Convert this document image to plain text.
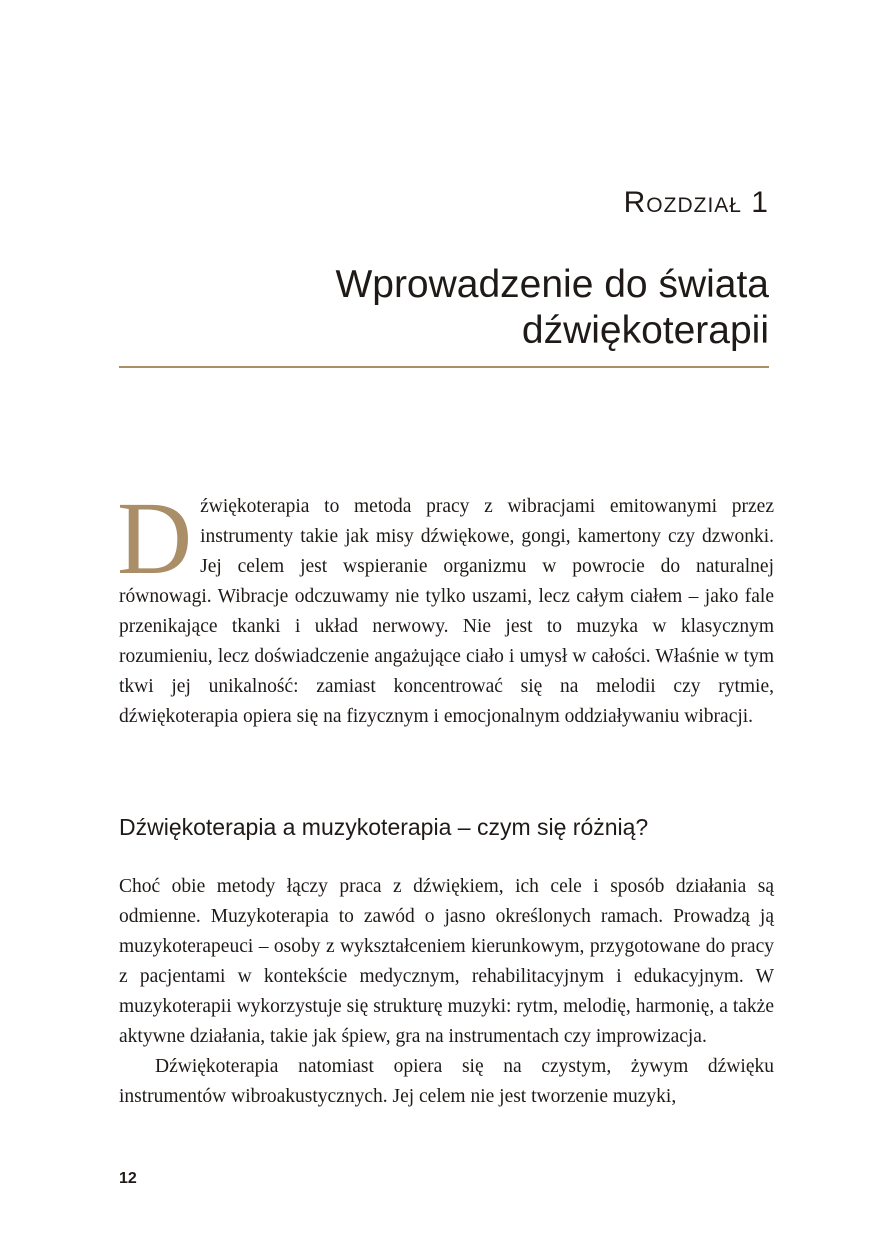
Rozdział 1
Wprowadzenie do świata dźwiękoterapii
D źwiękoterapia to metoda pracy z wibracjami emitowanymi przez instrumenty takie jak misy dźwiękowe, gongi, kamertony czy dzwonki. Jej celem jest wspieranie organizmu w powrocie do naturalnej równowagi. Wibracje odczuwamy nie tylko uszami, lecz całym ciałem – jako fale przenikające tkanki i układ nerwowy. Nie jest to muzyka w klasycznym rozumieniu, lecz doświadczenie angażujące ciało i umysł w całości. Właśnie w tym tkwi jej unikalność: zamiast koncentrować się na melodii czy rytmie, dźwiękoterapia opiera się na fizycznym i emocjonalnym oddziaływaniu wibracji.
Dźwiękoterapia a muzykoterapia – czym się różnią?

Choć obie metody łączy praca z dźwiękiem, ich cele i sposób działania są odmienne. Muzykoterapia to zawód o jasno określonych ramach. Prowadzą ją muzykoterapeuci – osoby z wykształceniem kierunkowym, przygotowane do pracy z pacjentami w kontekście medycznym, rehabilitacyjnym i edukacyjnym. W muzykoterapii wykorzystuje się strukturę muzyki: rytm, melodię, harmonię, a także aktywne działania, takie jak śpiew, gra na instrumentach czy improwizacja.

Dźwiękoterapia natomiast opiera się na czystym, żywym dźwięku instrumentów wibroakustycznych. Jej celem nie jest tworzenie muzyki,

12
